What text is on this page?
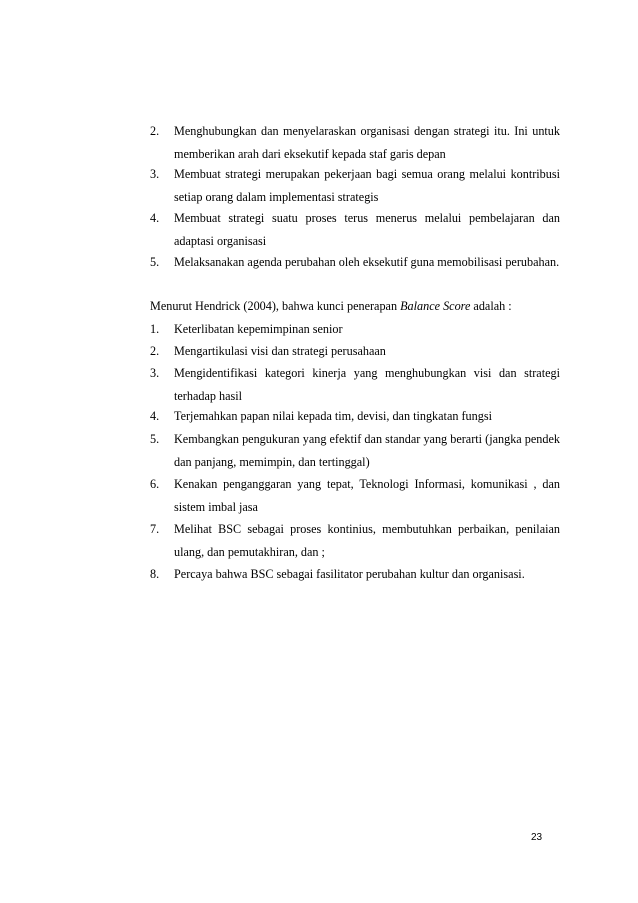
2. Menghubungkan dan menyelaraskan organisasi dengan strategi itu. Ini untuk memberikan arah dari eksekutif kepada staf garis depan
3. Membuat strategi merupakan pekerjaan bagi semua orang melalui kontribusi setiap orang dalam implementasi strategis
4. Membuat strategi suatu proses terus menerus melalui pembelajaran dan adaptasi organisasi
5. Melaksanakan agenda perubahan oleh eksekutif guna memobilisasi perubahan.
Menurut Hendrick (2004), bahwa kunci penerapan Balance Score adalah :
1. Keterlibatan kepemimpinan senior
2. Mengartikulasi visi dan strategi perusahaan
3. Mengidentifikasi kategori kinerja yang menghubungkan visi dan strategi terhadap hasil
4. Terjemahkan papan nilai kepada tim, devisi, dan tingkatan fungsi
5. Kembangkan pengukuran yang efektif dan standar yang berarti (jangka pendek dan panjang, memimpin, dan tertinggal)
6. Kenakan penganggaran yang tepat, Teknologi Informasi, komunikasi , dan sistem imbal jasa
7. Melihat BSC sebagai proses kontinius, membutuhkan perbaikan, penilaian ulang, dan pemutakhiran, dan ;
8. Percaya bahwa BSC sebagai fasilitator perubahan kultur dan organisasi.
23
